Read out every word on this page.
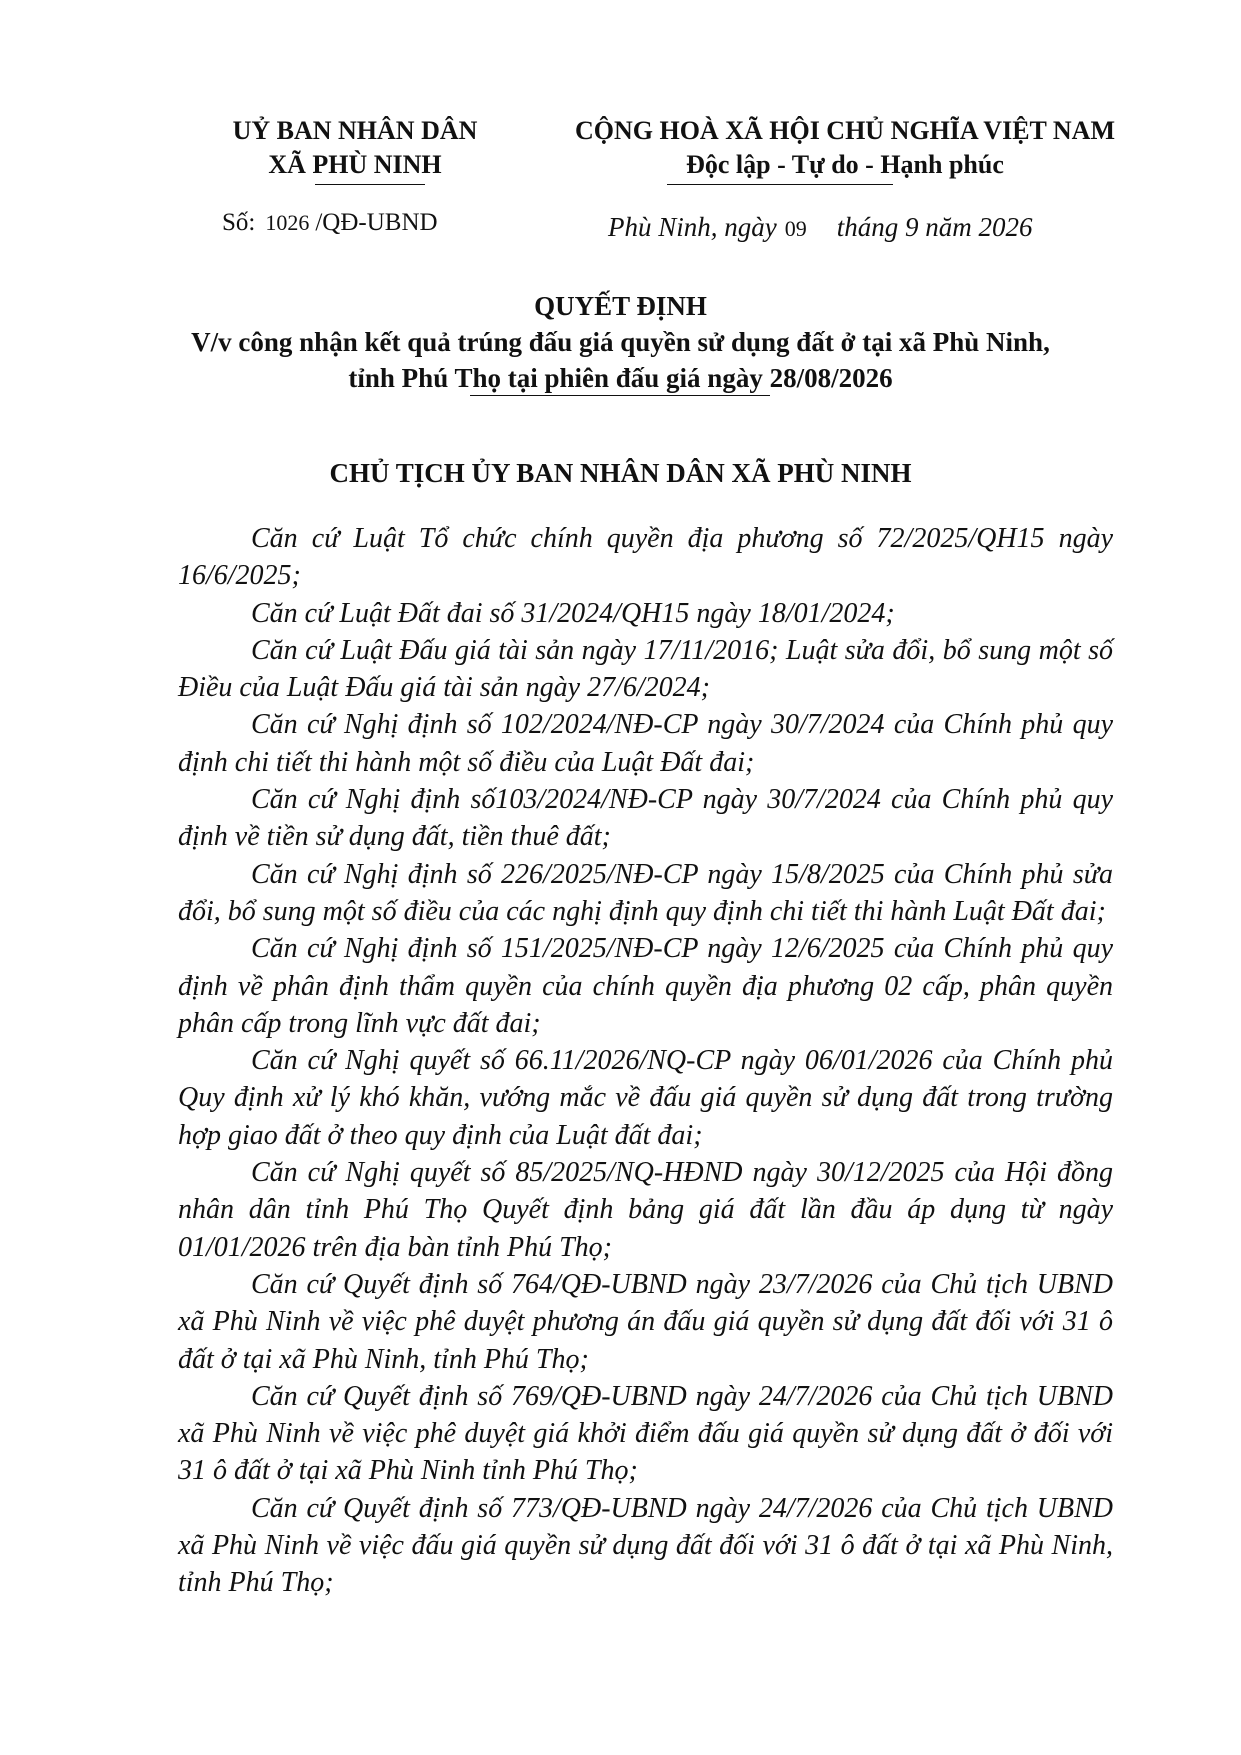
UỶ BAN NHÂN DÂN
XÃ PHÙ NINH
CỘNG HOÀ XÃ HỘI CHỦ NGHĨA VIỆT NAM
Độc lập - Tự do - Hạnh phúc
Số: 1026 /QĐ-UBND	Phù Ninh, ngày 09 tháng 9 năm 2026
QUYẾT ĐỊNH
V/v công nhận kết quả trúng đấu giá quyền sử dụng đất ở tại xã Phù Ninh,
tỉnh Phú Thọ tại phiên đấu giá ngày 28/08/2026
CHỦ TỊCH ỦY BAN NHÂN DÂN XÃ PHÙ NINH

Căn cứ Luật Tổ chức chính quyền địa phương số 72/2025/QH15 ngày 16/6/2025;

Căn cứ Luật Đất đai số 31/2024/QH15 ngày 18/01/2024;

Căn cứ Luật Đấu giá tài sản ngày 17/11/2016; Luật sửa đổi, bổ sung một số Điều của Luật Đấu giá tài sản ngày 27/6/2024;

Căn cứ Nghị định số 102/2024/NĐ-CP ngày 30/7/2024 của Chính phủ quy định chi tiết thi hành một số điều của Luật Đất đai;

Căn cứ Nghị định số103/2024/NĐ-CP ngày 30/7/2024 của Chính phủ quy định về tiền sử dụng đất, tiền thuê đất;

Căn cứ Nghị định số 226/2025/NĐ-CP ngày 15/8/2025 của Chính phủ sửa đổi, bổ sung một số điều của các nghị định quy định chi tiết thi hành Luật Đất đai;

Căn cứ Nghị định số 151/2025/NĐ-CP ngày 12/6/2025 của Chính phủ quy định về phân định thẩm quyền của chính quyền địa phương 02 cấp, phân quyền phân cấp trong lĩnh vực đất đai;

Căn cứ Nghị quyết số 66.11/2026/NQ-CP ngày 06/01/2026 của Chính phủ Quy định xử lý khó khăn, vướng mắc về đấu giá quyền sử dụng đất trong trường hợp giao đất ở theo quy định của Luật đất đai;

Căn cứ Nghị quyết số 85/2025/NQ-HĐND ngày 30/12/2025 của Hội đồng nhân dân tỉnh Phú Thọ Quyết định bảng giá đất lần đầu áp dụng từ ngày 01/01/2026 trên địa bàn tỉnh Phú Thọ;

Căn cứ Quyết định số 764/QĐ-UBND ngày 23/7/2026 của Chủ tịch UBND xã Phù Ninh về việc phê duyệt phương án đấu giá quyền sử dụng đất đối với 31 ô đất ở tại xã Phù Ninh, tỉnh Phú Thọ;

Căn cứ Quyết định số 769/QĐ-UBND ngày 24/7/2026 của Chủ tịch UBND xã Phù Ninh về việc phê duyệt giá khởi điểm đấu giá quyền sử dụng đất ở đối với 31 ô đất ở tại xã Phù Ninh tỉnh Phú Thọ;

Căn cứ Quyết định số 773/QĐ-UBND ngày 24/7/2026 của Chủ tịch UBND xã Phù Ninh về việc đấu giá quyền sử dụng đất đối với 31 ô đất ở tại xã Phù Ninh, tỉnh Phú Thọ;
